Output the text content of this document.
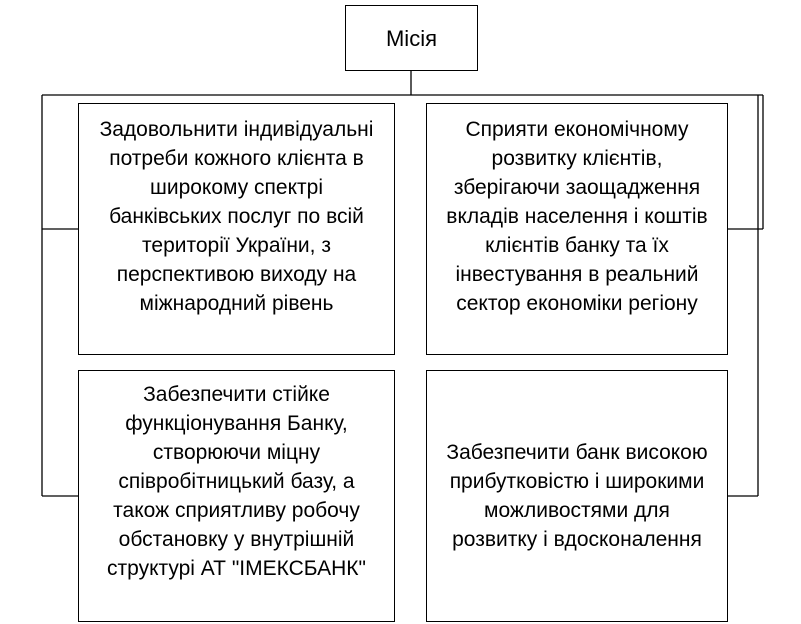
Місія
Задовольнити індивідуальні
потреби кожного клієнта в
широкому спектрі
банківських послуг по всій
території України, з
перспективою виходу на
міжнародний рівень
Сприяти економічному
розвитку клієнтів,
зберігаючи заощадження
вкладів населення і коштів
клієнтів банку та їх
інвестування в реальний
сектор економіки регіону
Забезпечити стійке
функціонування Банку,
створюючи міцну
співробітницький базу, а
також сприятливу робочу
обстановку у внутрішній
структурі АТ "ІМЕКСБАНК"
Забезпечити банк високою
прибутковістю і широкими
можливостями для
розвитку і вдосконалення
